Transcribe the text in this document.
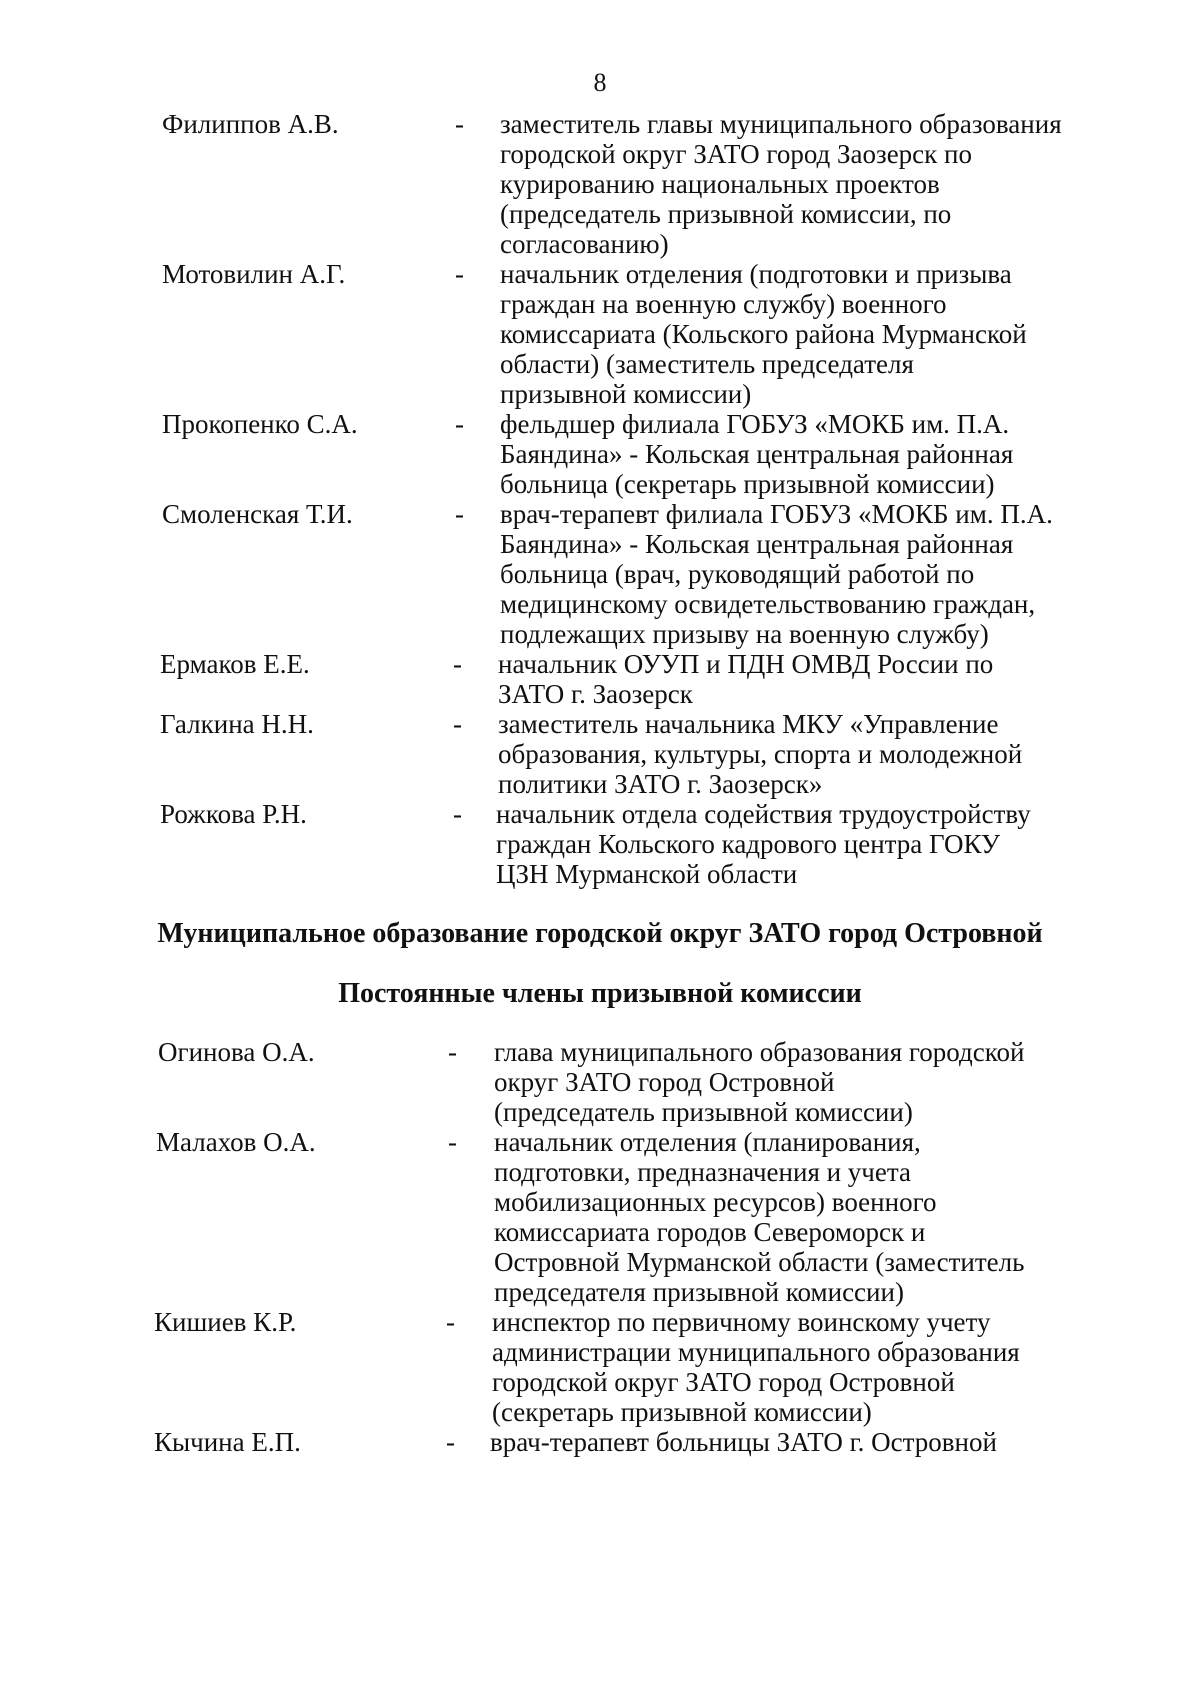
8
Филиппов А.В.	- заместитель главы муниципального образования
городской округ ЗАТО город Заозерск по
курированию национальных проектов
(председатель призывной комиссии, по
согласованию)
Мотовилин А.Г.	- начальник отделения (подготовки и призыва
граждан на военную службу) военного
комиссариата (Кольского района Мурманской
области) (заместитель председателя
призывной комиссии)
Прокопенко С.А.	- фельдшер филиала ГОБУЗ «МОКБ им. П.А.
Баяндина» - Кольская центральная районная
больница (секретарь призывной комиссии)
Смоленская Т.И.	- врач-терапевт филиала ГОБУЗ «МОКБ им. П.А.
Баяндина» - Кольская центральная районная
больница (врач, руководящий работой по
медицинскому освидетельствованию граждан,
подлежащих призыву на военную службу)
Ермаков Е.Е.	- начальник ОУУП и ПДН ОМВД России по
ЗАТО г. Заозерск
Галкина Н.Н.	- заместитель начальника МКУ «Управление
образования, культуры, спорта и молодежной
политики ЗАТО г. Заозерск»
Рожкова Р.Н.	- начальник отдела содействия трудоустройству
граждан Кольского кадрового центра ГОКУ
ЦЗН Мурманской области
Муниципальное образование городской округ ЗАТО город Островной
Постоянные члены призывной комиссии
Огинова О.А.	- глава муниципального образования городской
округ ЗАТО город Островной
(председатель призывной комиссии)
Малахов О.А.	- начальник отделения (планирования,
подготовки, предназначения и учета
мобилизационных ресурсов) военного
комиссариата городов Североморск и
Островной Мурманской области (заместитель
председателя призывной комиссии)
Кишиев К.Р.	- инспектор по первичному воинскому учету
администрации муниципального образования
городской округ ЗАТО город Островной
(секретарь призывной комиссии)
Кычина Е.П.	- врач-терапевт больницы ЗАТО г. Островной
